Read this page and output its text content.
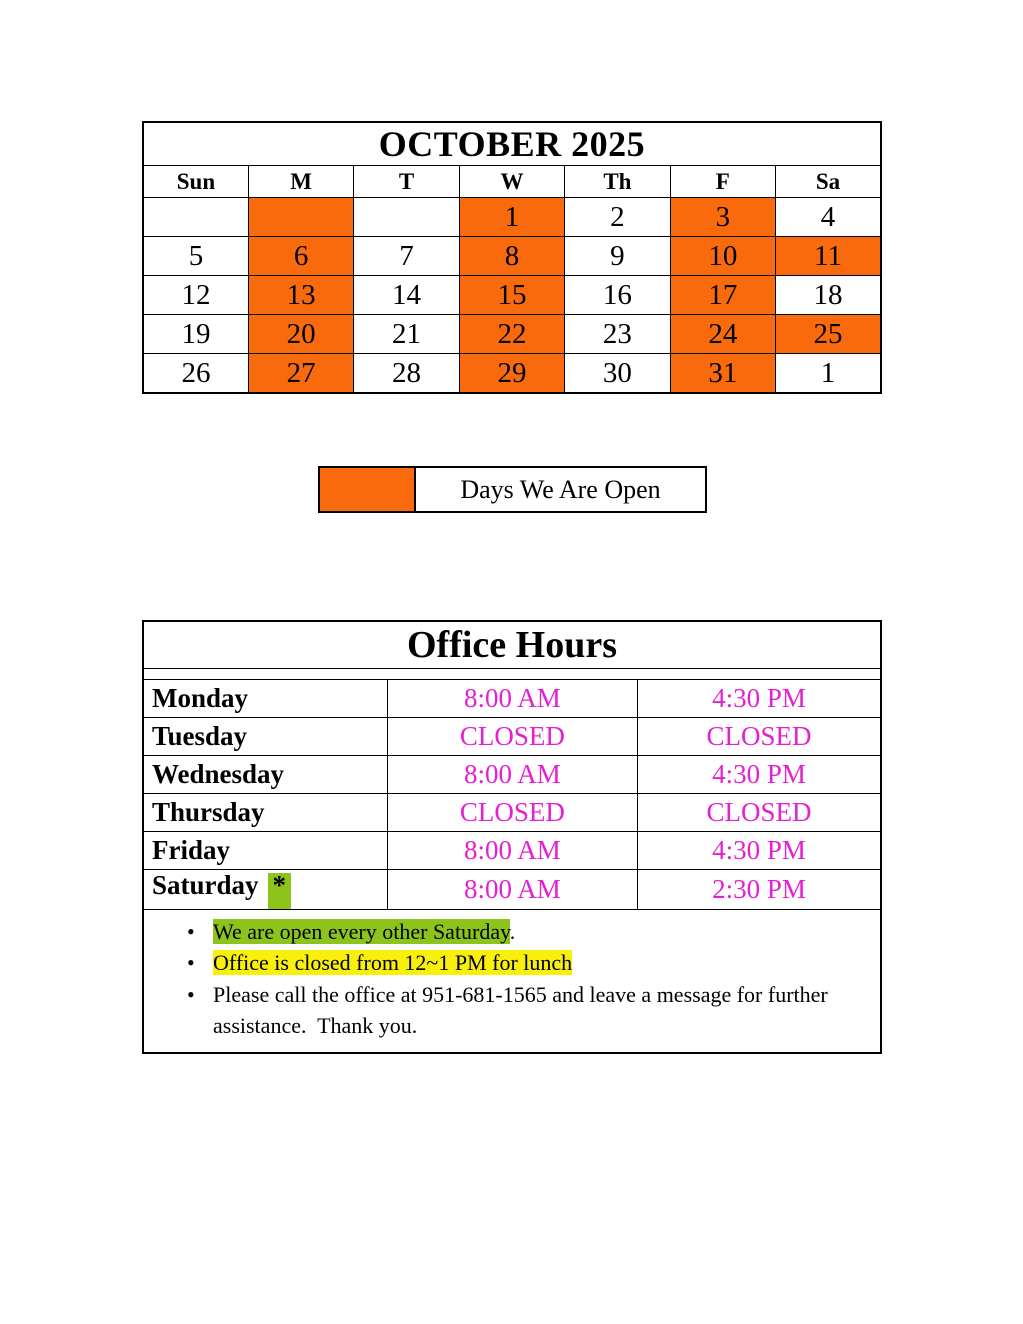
OCTOBER 2025						
Sun	M	T	W	Th	F	Sa
			1	2	3	4
5	6	7	8	9	10	11
12	13	14	15	16	17	18
19	20	21	22	23	24	25
26	27	28	29	30	31	1
Days We Are Open
Office Hours		

Monday	8:00 AM	4:30 PM
Tuesday	CLOSED	CLOSED
Wednesday	8:00 AM	4:30 PM
Thursday	CLOSED	CLOSED
Friday	8:00 AM	4:30 PM
Saturday *	8:00 AM	2:30 PM

• We are open every other Saturday.
• Office is closed from 12~1 PM for lunch
• Please call the office at 951-681-1565 and leave a message for further assistance.  Thank you.
